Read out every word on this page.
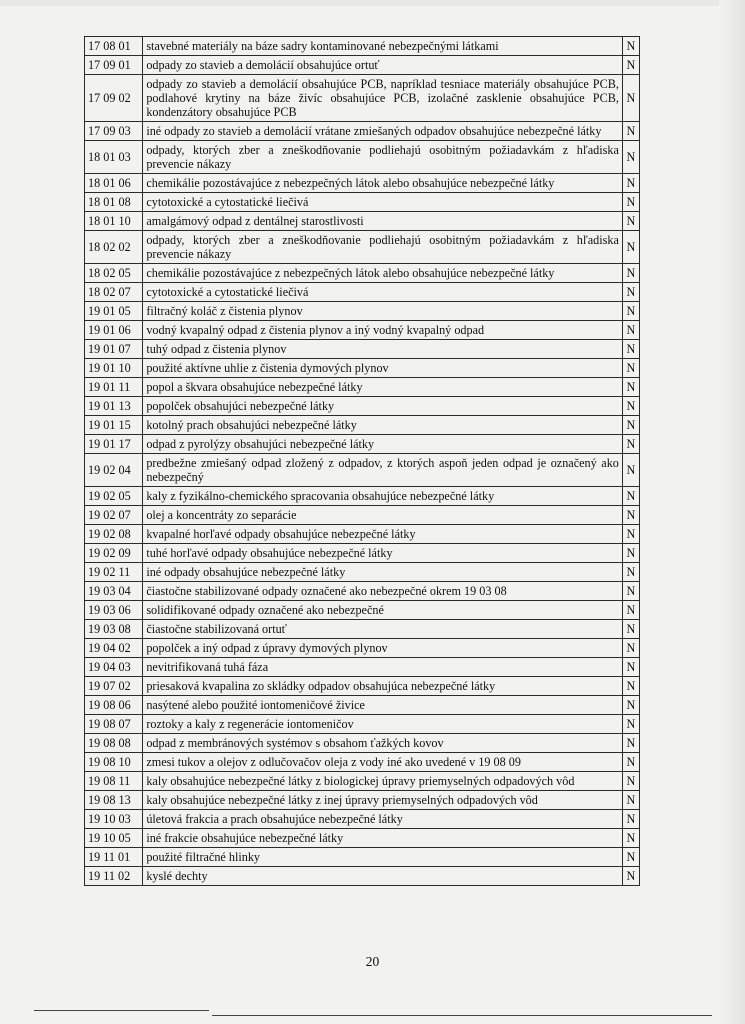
17 08 01	stavebné materiály na báze sadry kontaminované nebezpečnými látkami	N
17 09 01	odpady zo stavieb a demolácií obsahujúce ortuť	N
17 09 02	odpady zo stavieb a demolácií obsahujúce PCB, napríklad tesniace materiály obsahujúce PCB, podlahové krytiny na báze živíc obsahujúce PCB, izolačné zasklenie obsahujúce PCB, kondenzátory obsahujúce PCB	N
17 09 03	iné odpady zo stavieb a demolácií vrátane zmiešaných odpadov obsahujúce nebezpečné látky	N
18 01 03	odpady, ktorých zber a zneškodňovanie podliehajú osobitným požiadavkám z hľadiska prevencie nákazy	N
18 01 06	chemikálie pozostávajúce z nebezpečných látok alebo obsahujúce nebezpečné látky	N
18 01 08	cytotoxické a cytostatické liečivá	N
18 01 10	amalgámový odpad z dentálnej starostlivosti	N
18 02 02	odpady, ktorých zber a zneškodňovanie podliehajú osobitným požiadavkám z hľadiska prevencie nákazy	N
18 02 05	chemikálie pozostávajúce z nebezpečných látok alebo obsahujúce nebezpečné látky	N
18 02 07	cytotoxické a cytostatické liečivá	N
19 01 05	filtračný koláč z čistenia plynov	N
19 01 06	vodný kvapalný odpad z čistenia plynov a iný vodný kvapalný odpad	N
19 01 07	tuhý odpad z čistenia plynov	N
19 01 10	použité aktívne uhlie z čistenia dymových plynov	N
19 01 11	popol a škvara obsahujúce nebezpečné látky	N
19 01 13	popolček obsahujúci nebezpečné látky	N
19 01 15	kotolný prach obsahujúci nebezpečné látky	N
19 01 17	odpad z pyrolýzy obsahujúci nebezpečné látky	N
19 02 04	predbežne zmiešaný odpad zložený z odpadov, z ktorých aspoň jeden odpad je označený ako nebezpečný	N
19 02 05	kaly z fyzikálno-chemického spracovania obsahujúce nebezpečné látky	N
19 02 07	olej a koncentráty zo separácie	N
19 02 08	kvapalné horľavé odpady obsahujúce nebezpečné látky	N
19 02 09	tuhé horľavé odpady obsahujúce nebezpečné látky	N
19 02 11	iné odpady obsahujúce nebezpečné látky	N
19 03 04	čiastočne stabilizované odpady označené ako nebezpečné okrem 19 03 08	N
19 03 06	solidifikované odpady označené ako nebezpečné	N
19 03 08	čiastočne stabilizovaná ortuť	N
19 04 02	popolček a iný odpad z úpravy dymových plynov	N
19 04 03	nevitrifikovaná tuhá fáza	N
19 07 02	priesaková kvapalina zo skládky odpadov obsahujúca nebezpečné látky	N
19 08 06	nasýtené alebo použité iontomeničové živice	N
19 08 07	roztoky a kaly z regenerácie iontomeničov	N
19 08 08	odpad z membránových systémov s obsahom ťažkých kovov	N
19 08 10	zmesi tukov a olejov z odlučovačov oleja z vody iné ako uvedené v 19 08 09	N
19 08 11	kaly obsahujúce nebezpečné látky z biologickej úpravy priemyselných odpadových vôd	N
19 08 13	kaly obsahujúce nebezpečné látky z inej úpravy priemyselných odpadových vôd	N
19 10 03	úletová frakcia a prach obsahujúce nebezpečné látky	N
19 10 05	iné frakcie obsahujúce nebezpečné látky	N
19 11 01	použité filtračné hlinky	N
19 11 02	kyslé dechty	N
20
